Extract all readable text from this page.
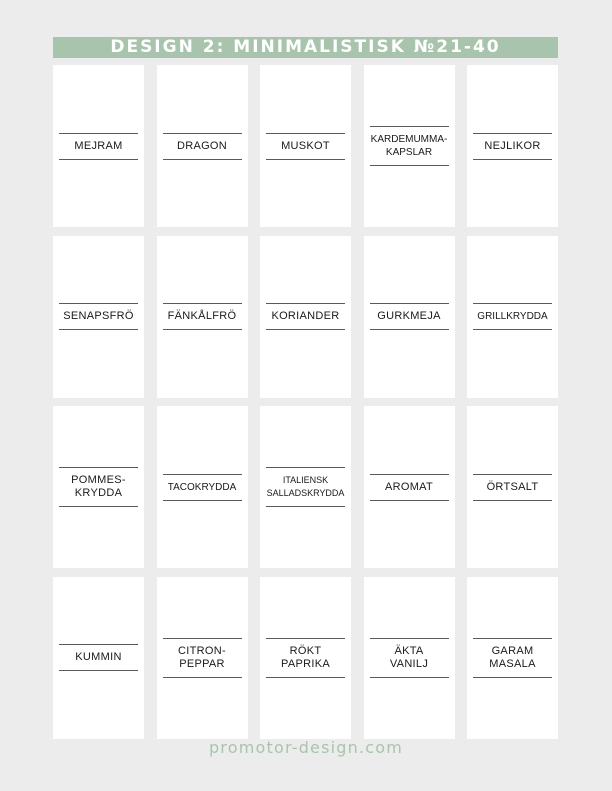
DESIGN 2: MINIMALISTISK №21-40
MEJRAM	DRAGON	MUSKOT	KARDEMUMMA-
KAPSLAR
NEJLIKOR
SENAPSFRÖ	FÄNKÅLFRÖ	KORIANDER	GURKMEJA	GRILLKRYDDA
POMMES-
KRYDDA	TACOKRYDDA
ITALIENSK
SALLADSKRYDDA
AROMAT	ÖRTSALT
KUMMIN
CITRON-
PEPPAR
RÖKT
PAPRIKA
ÄKTA
VANILJ
GARAM
MASALA
promotor-design.com
